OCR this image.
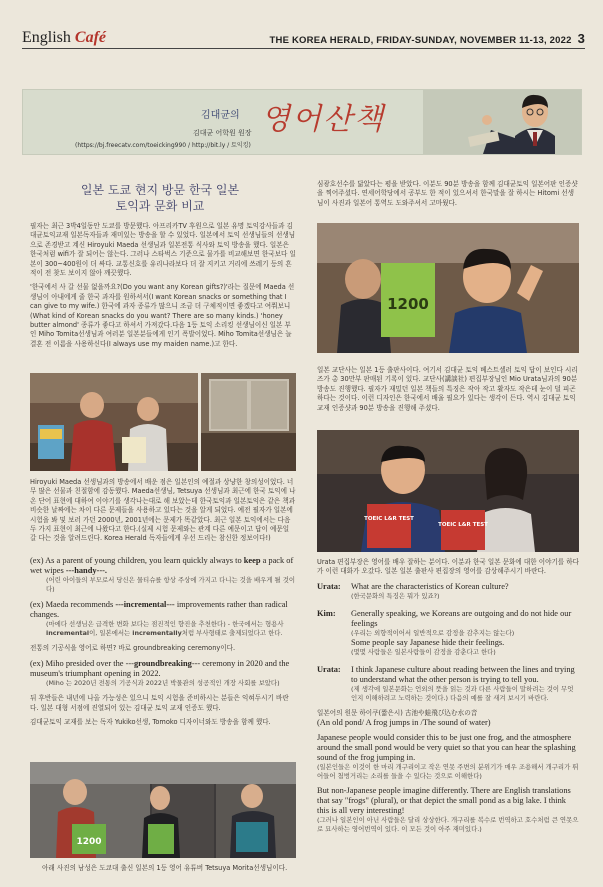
English Café	THE KOREA HERALD, FRIDAY-SUNDAY, NOVEMBER 11-13, 2022 3
김대균의 영어산책
김대균 어학원 원장
(https://bj.freecatv.com/toeicking990 / http://bit.ly / 토익킹)
일본 도쿄 현지 방문 한국 일본
토익과 문화 비교

필자는 최근 3박4일동안 도쿄를 방문했다. 아프리카TV 후원으로 일본 유명 토익강사들과 김대균토익교재 일본독자들과 재미있는 방송을 할 수 있었다. 일본에서 토익 선생님들의 선생님으로 존경받고 계신 Hiroyuki Maeda 선생님과 일본전통 식사와 토익 방송을 했다. 일본은 한국처럼 wifi가 잘 되어는 않는다. 그러나 스타벅스 기준으로 물가를 비교해보면 한국보다 일본이 300~400원이 더 싸다. 교통신호를 유리나라보다 더 잘 지키고 거리에 쓰레기 등의 흔적이 전 찾도 보이지 않아 깨끗했다.

'한국에서 사 갈 선물 없을까요?(Do you want any Korean gifts?)'라는 질문에 Maeda 선생님이 아내에게 줄 한국 과자를 원하셔서(I want Korean snacks or something that I can give to my wife.) 한국에 과자 종류가 많으니 조금 더 구체적이면 좋겠다고 여쭤보니 (What kind of Korean snacks do you want? There are so many kinds.) 'honey butter almond' 종류가 좋다고 하셔서 가져갔다.다음 1등 토익 소리킹 선생님이신 일본 부인 Miho Tomita선생님과 여러분 일본분들에게 인기 폭발이었다. Miho Tomita선생님은 늘 결혼 전 이름을 사용하신다(I always use my maiden name.)고 한다.

Hiroyuki Maeda 선생님과의 방송에서 배운 점은 일본인의 예절과 상냥한 창의성이었다. 너무 많은 선물과 친절함에 감동했다. Maeda선생님, Tetsuya 선생님과 최근에 한국 토익에 나온 단어 표현에 대하여 이야기를 생각나는대로 해 보았는데 한국토익과 일본토익은 같은 책과 비슷한 날짜에는 차이 다른 문제들을 사용하고 있다는 것을 알게 되었다. 예전 필자가 일본에 시험을 봐 및 보러 가던 2000년, 2001년에는 문제가 똑같았다. 최근 일본 토익에서는 다음 두 가지 표현이 최근에 나왔다고 한다.(실제 시험 문제와는 관계 다른 예문이고 답이 예문일 갈 다는 것을 알려드린다. Korea Herald 독자들에게 우선 드리는 참신한 정보이다!)

(ex) As a parent of young children, you learn quickly always to keep a pack of wet wipes ---handy---.

(어린 아이들의 부모로서 당신은 물티슈를 항상 주상에 가지고 다니는 것을 배우게 될 것이다)

(ex) Maeda recommends ---incremental--- improvements rather than radical changes.

(마에다 선생님은 급격한 변화 보다는 점진적인 향진을 추천한다) - 한국에서는 형용사 incremental이, 일본에서는 incrementally처럼 부사형태로 출제되었다고 한다.

전통의 기공식을 영어로 하면? 바로 groundbreaking ceremony이다.

(ex) Miho presided over the ---groundbreaking--- ceremony in 2020 and the museum's triumphant opening in 2022.

(Miho 는 2020년 전통의 기공식과 2022년 박물관의 성공적인 개장 사회를 보았다)

뒤 후반들은 내년에 나올 가능성은 있으니 토익 시험을 준비하시는 분들은 익혀두시기 바란다. 일본 대형 서점에 진열되어 있는 김대균 토익 교재 인증도 했다.

김대균토익 교재를 보는 독자 Yukiko선생, Tomoko 디자이너와도 방송을 함께 했다.

1200
아래 사진의 남성은 도쿄대 출신 일본의 1등 영어 유튜버 Tetsuya Morita선생님이다.

심광호선수를 닮았다는 평을 받았다. 이분도 90분 방송을 함께 김대균토익 일본어판 인증샷을 찍어주셨다. 연세어학당에서 공부도 한 적이 있으셔서 한국말을 잘 하시는 Hitomi 선생님이 사진과 일본어 통역도 도와주셔서 고마웠다.

1200

일본 교단사는 일본 1등 출판사이다. 여기서 김대균 토익 베스트셀러 토익 답이 보인다 시리즈가 총 30만부 판매된 기록이 있다. 교단사(講談社) 편집부장님인 Mio Urata님과의 90분 방송도 진행했다. 필자가 재밌던 일본 책들의 특징은 작아 작고 활자도 작은데 눈이 덜 피곤하다는 것이다. 이런 디자인은 한국에서 배울 필요가 있다는 생각이 든다. 역시 김대균 토익 교재 인증샷과 90분 방송을 진행해 주셨다.

TOEIC L&R TEST
TOEIC L&R TEST

Urata 편집부장은 영어를 배우 잘하는 분이다. 이분과 한국 일본 문화에 대한 이야기를 하다가 이런 대화가 오갔다. 일본 일본 출판사 편집장의 영어를 감상해주시기 바란다.

Urata:	What are the characteristics of Korean culture?

(한국문화의 특징은 뭐가 있죠?)

Kim:	Generally speaking, we Koreans are outgoing and do not hide our feelings

(우리는 외향적이어서 일반적으로 감정을 감추지는 않는다)

Some people say Japanese hide their feelings.

(몇몇 사람들은 일본사람들이 감정을 감춘다고 한다)

Urata:	I think Japanese culture about reading between the lines and trying to understand what the other person is trying to tell you.

(제 생각에 일본문화는 언외의 뜻을 읽는 것과 다른 사람들이 말하려는 것이 무엇인지 이해하려고 노력하는 것이다.) 다음의 예를 잘 새겨 보시기 바란다.

일본어의 원문 하이쿠(짧은시) 古池や蛙飛び込む水の音

(An old pond/ A frog jumps in /The sound of water)

Japanese people would consider this to be just one frog, and the atmosphere around the small pond would be very quiet so that you can hear the splashing sound of the frog jumping in.

(일본인들은 이것이 한 마리 개구리이고 작은 연못 주변의 분위기가 매우 조용해서 개구리가 뛰어들어 첨벙거리는 소리를 들을 수 있다는 것으로 이해한다)

But non-Japanese people imagine differently. There are English translations that say "frogs" (plural), or that depict the small pond as a big lake. I think this is all very interesting!

(그러나 일본인이 아닌 사람들은 달리 상상한다. 개구리를 복수로 번역하고 호수처럼 큰 연못으로 묘사하는 영어번역이 있다. 이 모든 것이 아주 재미있다.)
